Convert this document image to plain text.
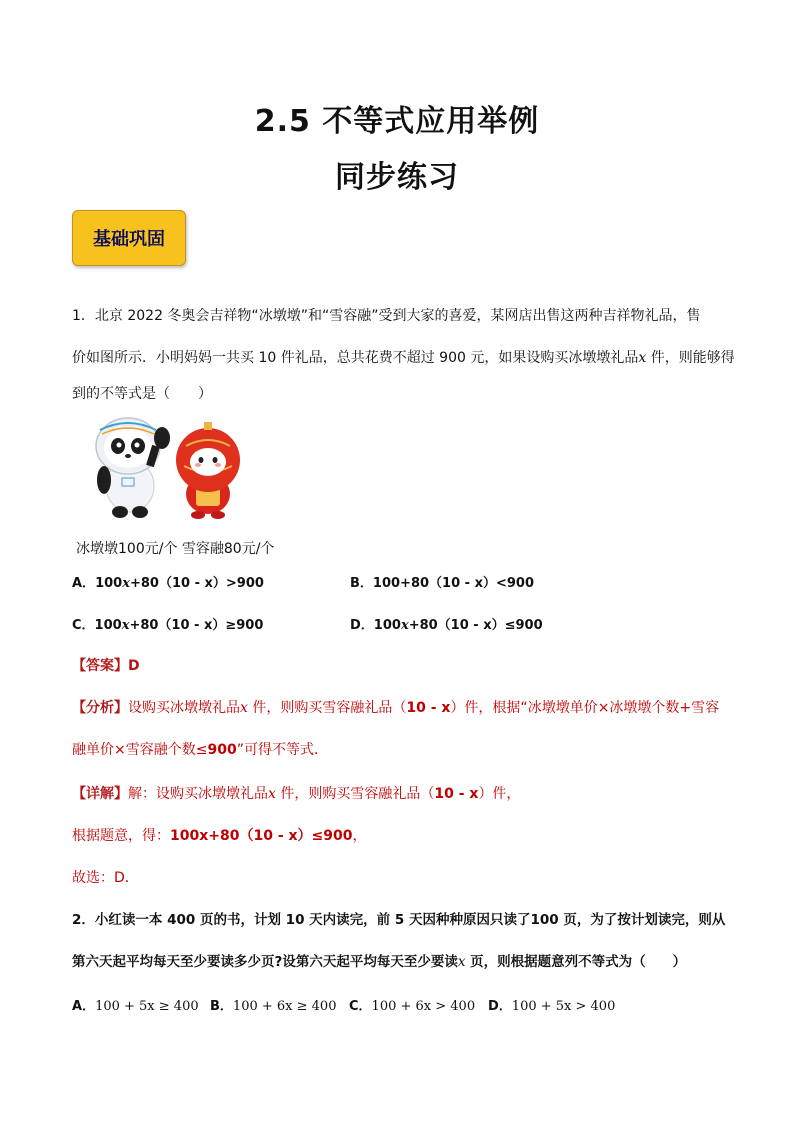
2.5 不等式应用举例
同步练习
基础巩固
1．北京 2022 冬奥会吉祥物“冰墩墩”和“雪容融”受到大家的喜爱，某网店出售这两种吉祥物礼品，售
价如图所示．小明妈妈一共买 10 件礼品，总共花费不超过 900 元，如果设购买冰墩墩礼品x 件，则能够得
到的不等式是（　　）
冰墩墩100元/个 雪容融80元/个
A．100x+80（10 - x）>900	B．100+80（10 - x）<900
C．100x+80（10 - x）≥900	D．100x+80（10 - x）≤900
【答案】D
【分析】设购买冰墩墩礼品x 件，则购买雪容融礼品（10 - x）件，根据“冰墩墩单价×冰墩墩个数+雪容
融单价×雪容融个数≤900”可得不等式．
【详解】解：设购买冰墩墩礼品x 件，则购买雪容融礼品（10 - x）件，
根据题意，得：100x+80（10 - x）≤900，
故选：D．
2．小红读一本 400 页的书，计划 10 天内读完，前 5 天因种种原因只读了100 页，为了按计划读完，则从
第六天起平均每天至少要读多少页?设第六天起平均每天至少要读x 页，则根据题意列不等式为（　　）
A．100 + 5x ≥ 400 B．100 + 6x ≥ 400 C．100 + 6x > 400 D．100 + 5x > 400
